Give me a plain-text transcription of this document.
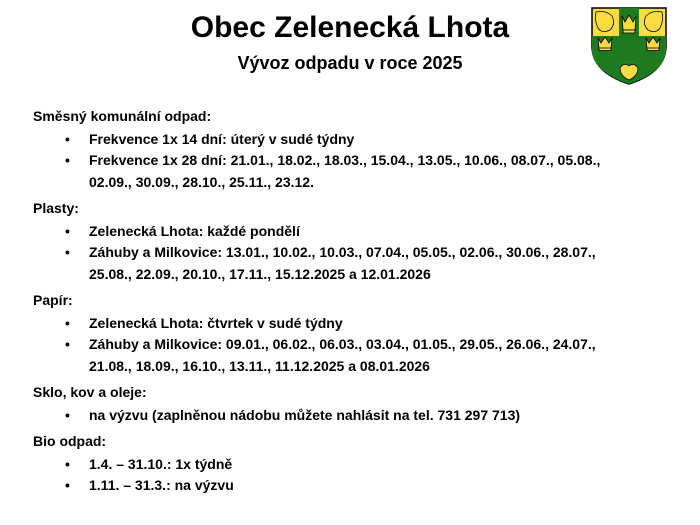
Obec Zelenecká Lhota
Vývoz odpadu v roce 2025
Směsný komunální odpad:
• Frekvence 1x 14 dní: úterý v sudé týdny
• Frekvence 1x 28 dní: 21.01., 18.02., 18.03., 15.04., 13.05., 10.06., 08.07., 05.08.,
02.09., 30.09., 28.10., 25.11., 23.12.
Plasty:
• Zelenecká Lhota: každé pondělí
• Záhuby a Milkovice: 13.01., 10.02., 10.03., 07.04., 05.05., 02.06., 30.06., 28.07.,
25.08., 22.09., 20.10., 17.11., 15.12.2025 a 12.01.2026
Papír:
• Zelenecká Lhota: čtvrtek v sudé týdny
• Záhuby a Milkovice: 09.01., 06.02., 06.03., 03.04., 01.05., 29.05., 26.06., 24.07.,
21.08., 18.09., 16.10., 13.11., 11.12.2025 a 08.01.2026
Sklo, kov a oleje:
• na výzvu (zaplněnou nádobu můžete nahlásit na tel. 731 297 713)
Bio odpad:
• 1.4. – 31.10.: 1x týdně
• 1.11. – 31.3.: na výzvu
